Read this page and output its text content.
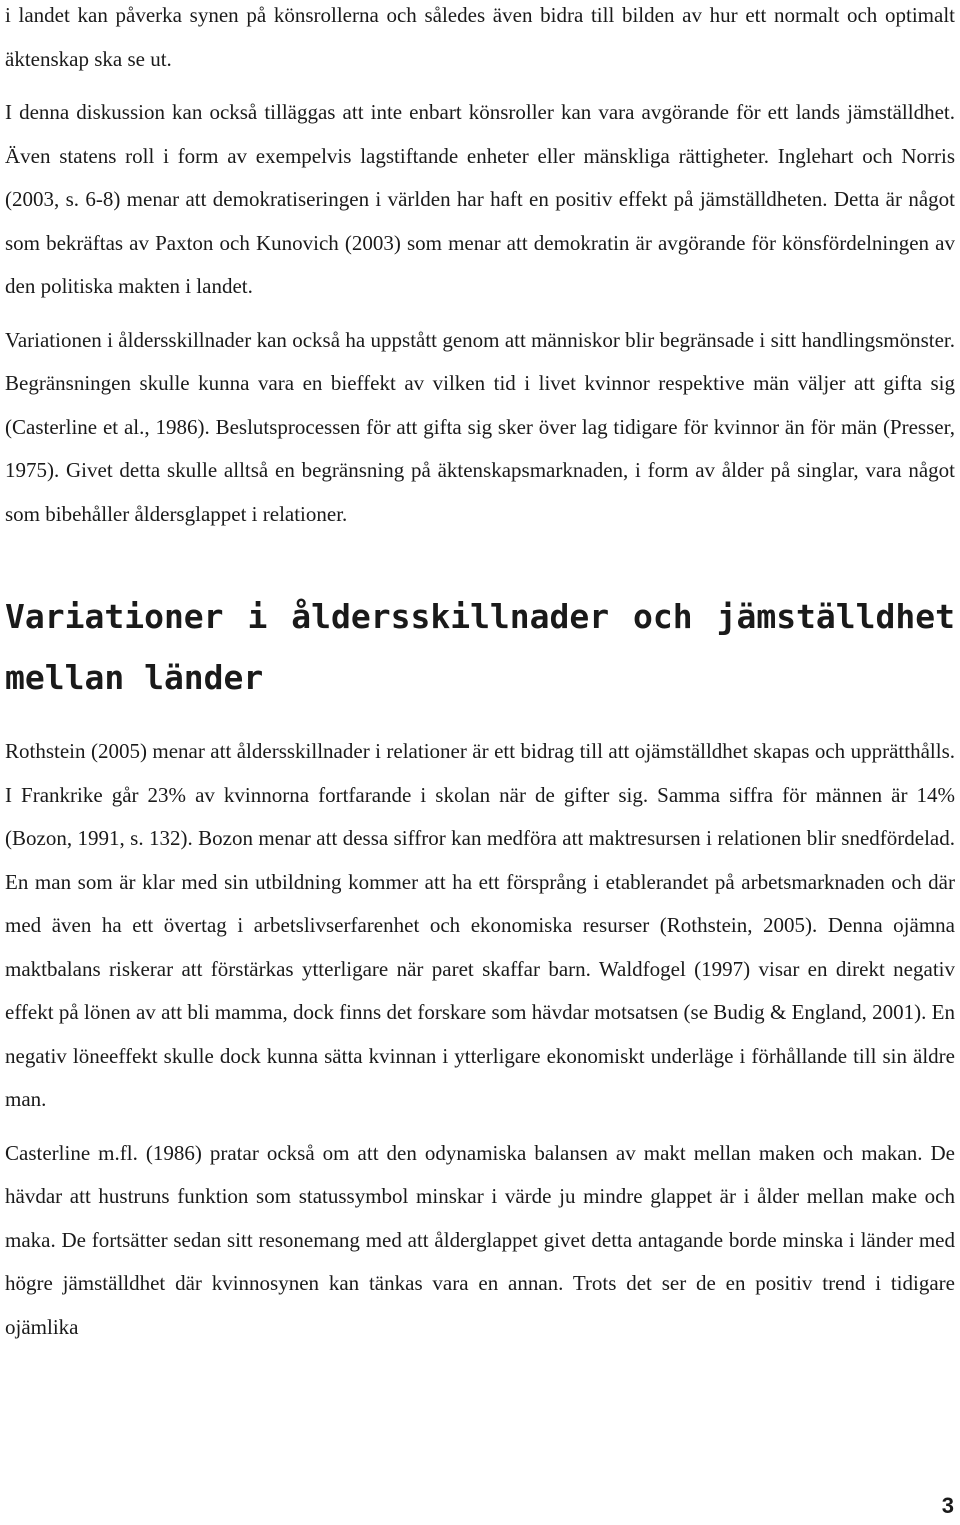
i landet kan påverka synen på könsrollerna och således även bidra till bilden av hur ett normalt och optimalt äktenskap ska se ut.

I denna diskussion kan också tilläggas att inte enbart könsroller kan vara avgörande för ett lands jämställdhet. Även statens roll i form av exempelvis lagstiftande enheter eller mänskliga rättigheter. Inglehart och Norris (2003, s. 6-8) menar att demokratiseringen i världen har haft en positiv effekt på jämställdheten. Detta är något som bekräftas av Paxton och Kunovich (2003) som menar att demokratin är avgörande för könsfördelningen av den politiska makten i landet.

Variationen i åldersskillnader kan också ha uppstått genom att människor blir begränsade i sitt handlingsmönster. Begränsningen skulle kunna vara en bieffekt av vilken tid i livet kvinnor respektive män väljer att gifta sig (Casterline et al., 1986). Beslutsprocessen för att gifta sig sker över lag tidigare för kvinnor än för män (Presser, 1975). Givet detta skulle alltså en begränsning på äktenskapsmarknaden, i form av ålder på singlar, vara något som bibehåller åldersglappet i relationer.

Variationer i åldersskillnader och jämställdhet mellan länder

Rothstein (2005) menar att åldersskillnader i relationer är ett bidrag till att ojämställdhet skapas och upprätthålls. I Frankrike går 23% av kvinnorna fortfarande i skolan när de gifter sig. Samma siffra för männen är 14% (Bozon, 1991, s. 132). Bozon menar att dessa siffror kan medföra att maktresursen i relationen blir snedfördelad. En man som är klar med sin utbildning kommer att ha ett försprång i etablerandet på arbetsmarknaden och där med även ha ett övertag i arbetslivserfarenhet och ekonomiska resurser (Rothstein, 2005). Denna ojämna maktbalans riskerar att förstärkas ytterligare när paret skaffar barn. Waldfogel (1997) visar en direkt negativ effekt på lönen av att bli mamma, dock finns det forskare som hävdar motsatsen (se Budig & England, 2001). En negativ löneeffekt skulle dock kunna sätta kvinnan i ytterligare ekonomiskt underläge i förhållande till sin äldre man.

Casterline m.fl. (1986) pratar också om att den odynamiska balansen av makt mellan maken och makan. De hävdar att hustruns funktion som statussymbol minskar i värde ju mindre glappet är i ålder mellan make och maka. De fortsätter sedan sitt resonemang med att ålderglappet givet detta antagande borde minska i länder med högre jämställdhet där kvinnosynen kan tänkas vara en annan. Trots det ser de en positiv trend i tidigare ojämlika

3
